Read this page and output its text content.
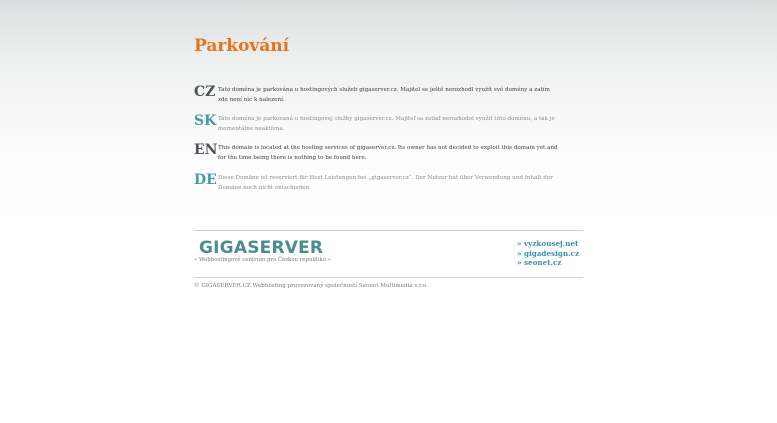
Parkování
CZ Tato doména je parkována u hostingových služeb gigaserver.cz. Majitel se ještě nerozhodl využít své domény a zatím zde není nic k nalezení.
SK Táto doména je parkovaná u hostingovej služby gigaserver.cz. Majiteľ sa zatiaľ nerozhodol využiť túto doménu, a tak je momentálne neaktívna.
EN This domain is located at the hosting services of gigaserver.cz. Its owner has not decided to exploit this domain yet and for the time being there is nothing to be found here.
DE Diese Domäne ist reserviert für Host Leistungen bei „gigaserver.cz“. Der Nutzer hat über Verwendung und Inhalt der Domäne noch nicht entschieden.
GIGASERVER
« Webhostingové centrum pro Českou republiku »
» vyzkousej.net
» gigadesign.cz
» seonet.cz
© GIGASERVER.CZ Webhosting provozovaný společností Seonet Multimedia s.r.o.
